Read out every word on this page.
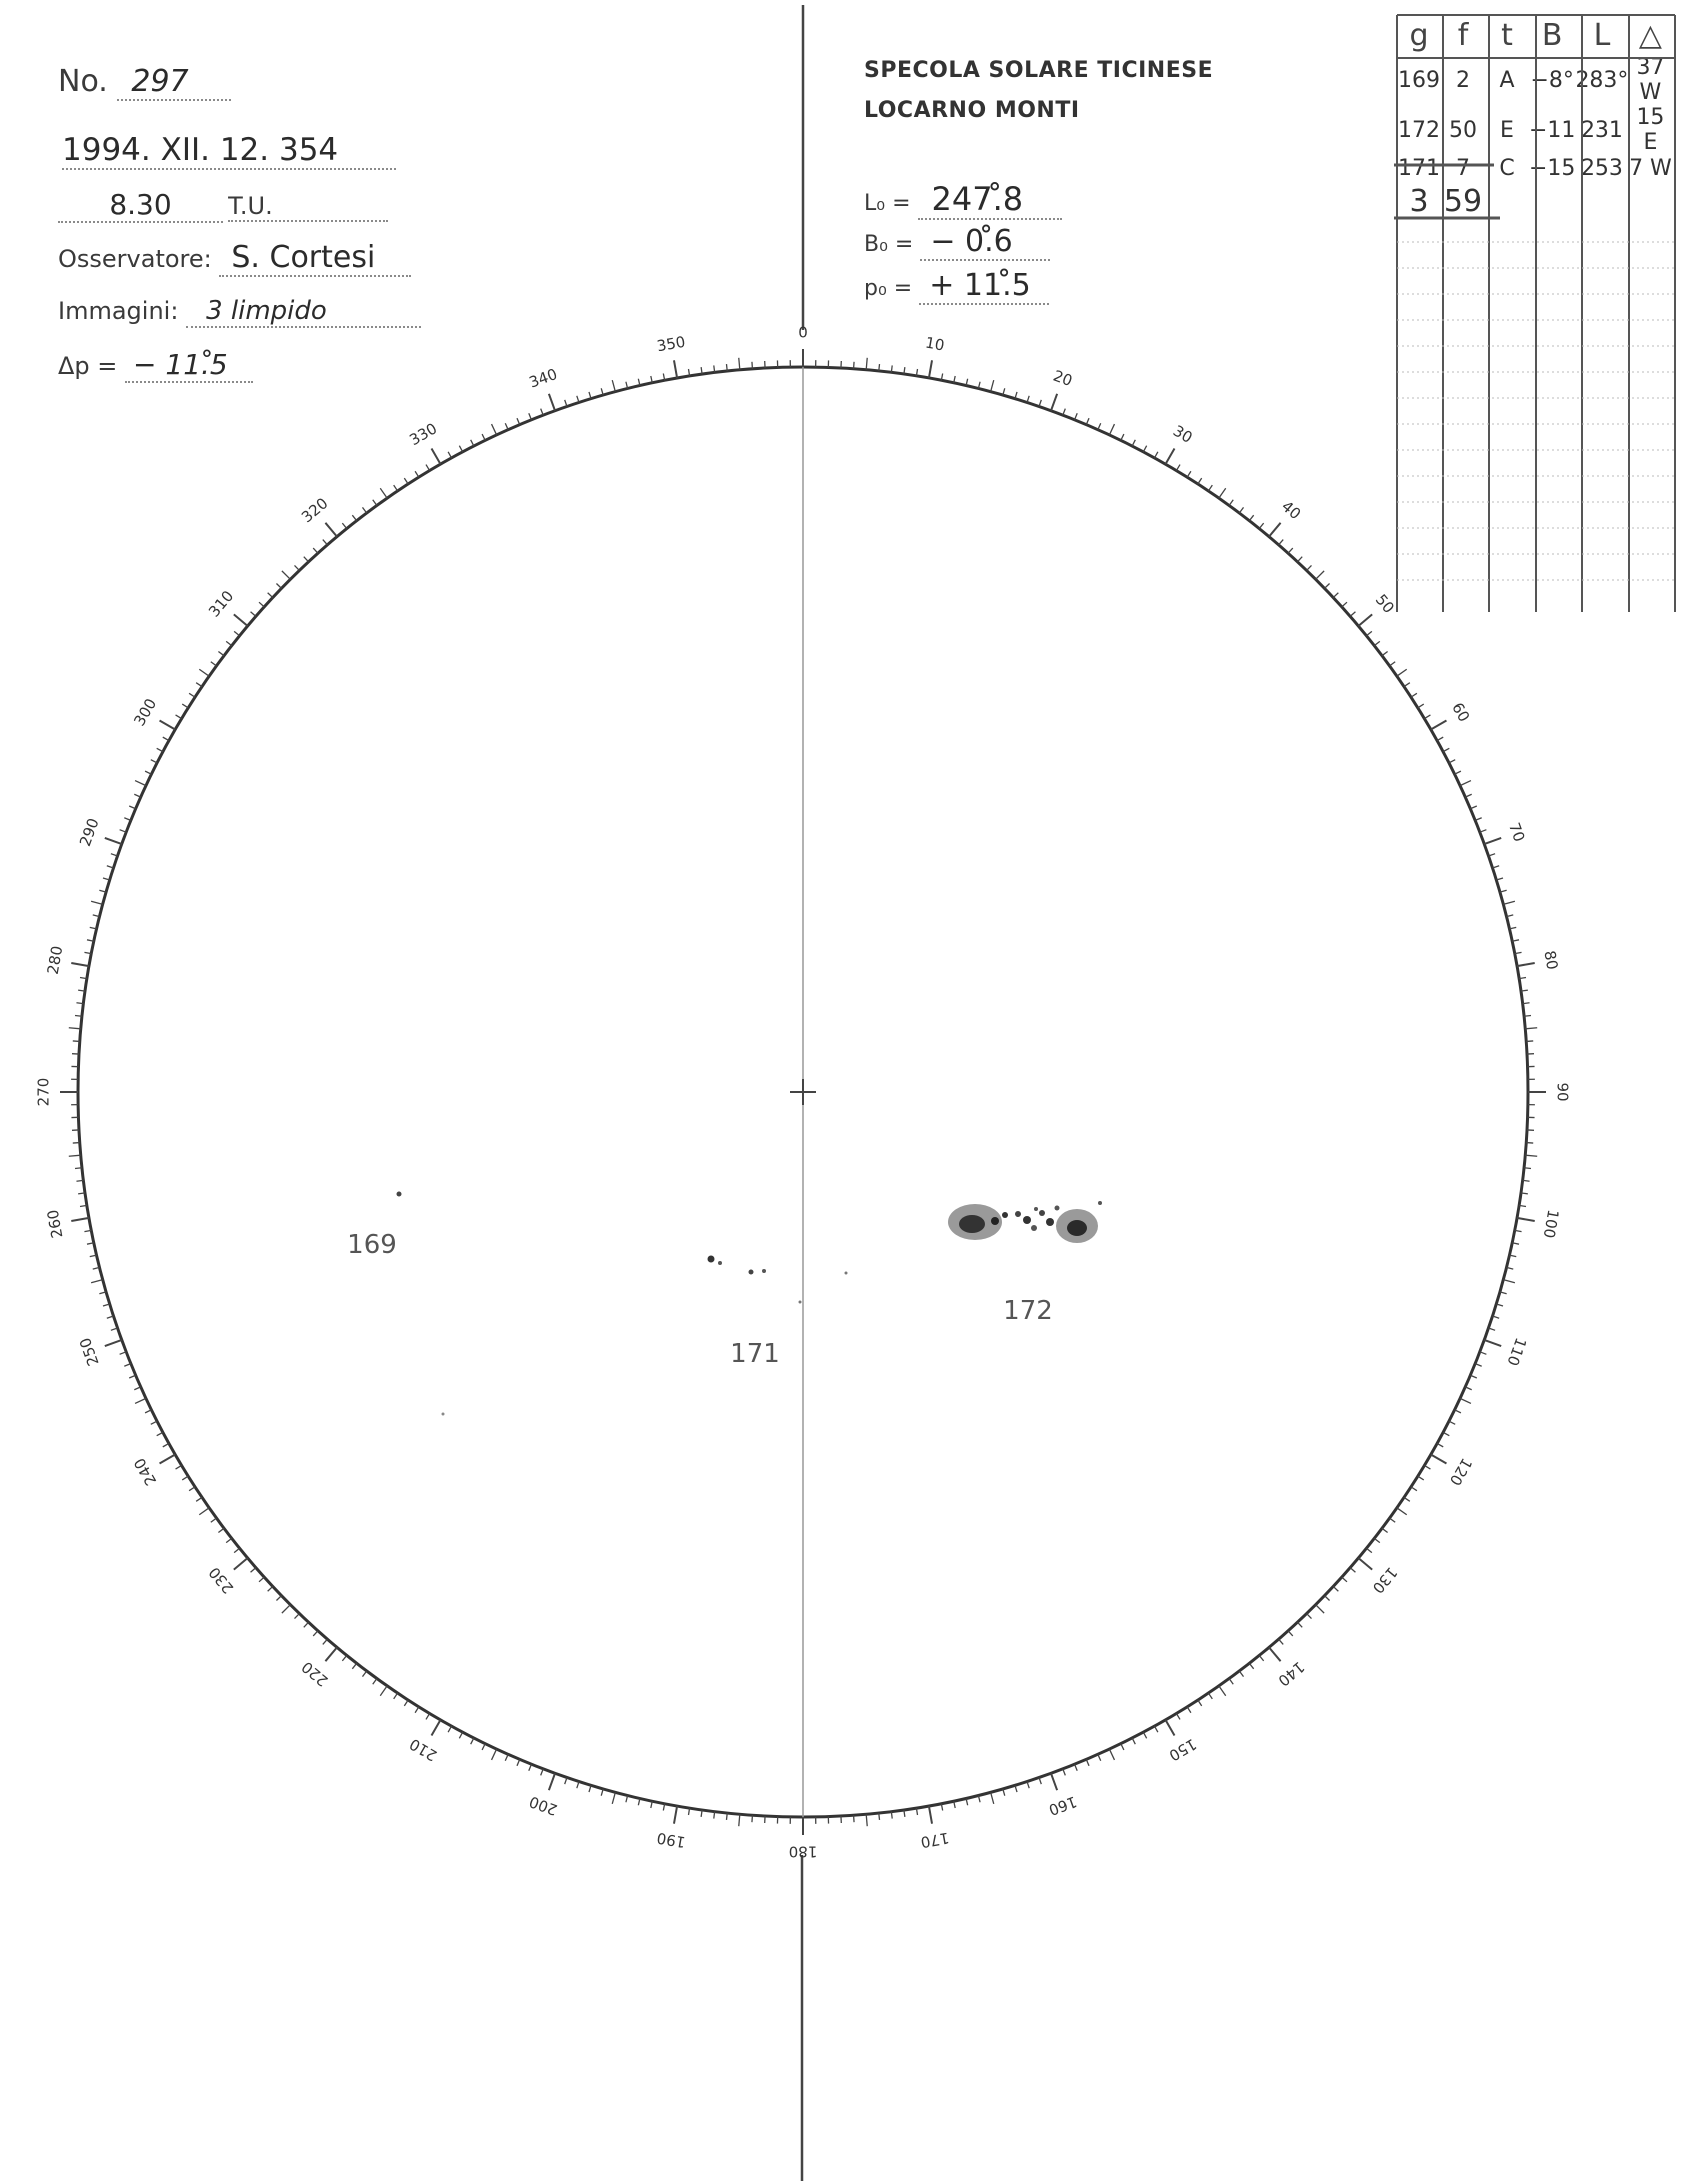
No. 297
1994. XII. 12. 354
8.30 T.U.
Osservatore: S. Cortesi
Immagini: 3 limpido
Δp = − 11.̊5
SPECOLA SOLARE TICINESE
LOCARNO MONTI
L₀ = 247.̊8
B₀ = − 0.̊6
p₀ = + 11.̊5
g	f	t	B	L	△
169	2	A	−8°	283°	37 W
172	50	E	−11	231	15 E
171	7	C	−15	253	7 W
3	59				
0
10
20
30
40
50
60
70
80
90
100
110
120
130
140
150
160
170
180
190
200
210
220
230
240
250
260
270
280
290
300
310
320
330
340
350
169
171
172
